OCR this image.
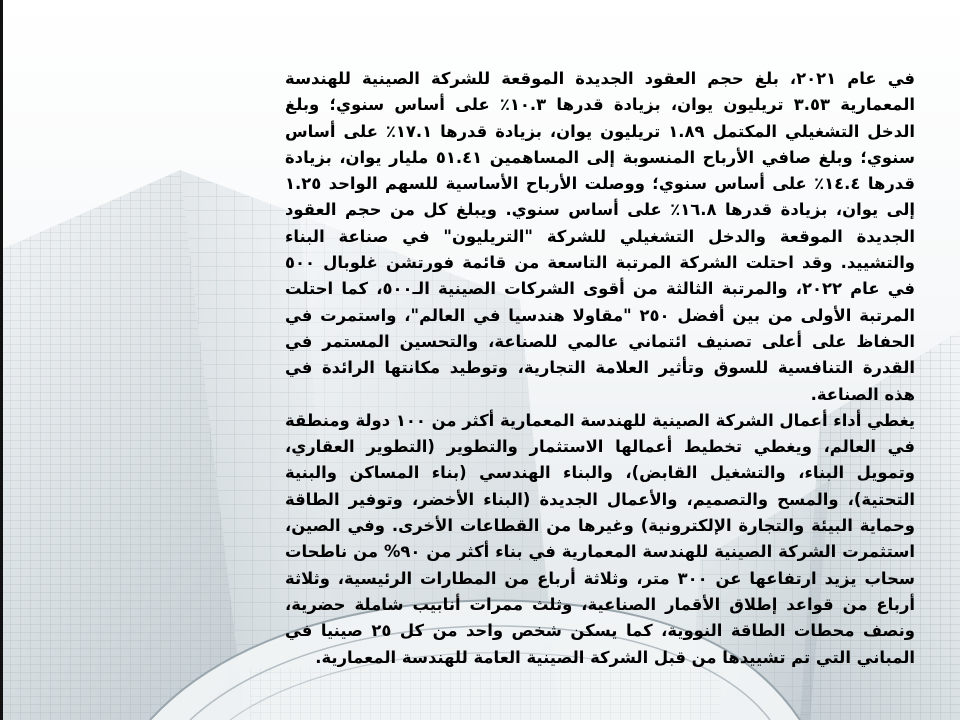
في عام ٢٠٢١، بلغ حجم العقود الجديدة الموقعة للشركة الصينية للهندسة المعمارية ٣.٥٣ تريليون يوان، بزيادة قدرها ١٠.٣٪ على أساس سنوي؛ وبلغ الدخل التشغيلي المكتمل ١.٨٩ تريليون يوان، بزيادة قدرها ١٧.١٪ على أساس سنوي؛ وبلغ صافي الأرباح المنسوبة إلى المساهمين ٥١.٤١ مليار يوان، بزيادة قدرها ١٤.٤٪ على أساس سنوي؛ ووصلت الأرباح الأساسية للسهم الواحد ١.٢٥ إلى يوان، بزيادة قدرها ١٦.٨٪ على أساس سنوي. ويبلغ كل من حجم العقود الجديدة الموقعة والدخل التشغيلي للشركة "التريليون" في صناعة البناء والتشييد. وقد احتلت الشركة المرتبة التاسعة من قائمة فورتشن غلوبال ٥٠٠ في عام ٢٠٢٢، والمرتبة الثالثة من أقوى الشركات الصينية الـ٥٠٠، كما احتلت المرتبة الأولى من بين أفضل ٢٥٠ "مقاولا هندسيا في العالم"، واستمرت في الحفاظ على أعلى تصنيف ائتماني عالمي للصناعة، والتحسين المستمر في القدرة التنافسية للسوق وتأثير العلامة التجارية، وتوطيد مكانتها الرائدة في هذه الصناعة.

يغطي أداء أعمال الشركة الصينية للهندسة المعمارية أكثر من ١٠٠ دولة ومنطقة في العالم، ويغطي تخطيط أعمالها الاستثمار والتطوير (التطوير العقاري، وتمويل البناء، والتشغيل القابض)، والبناء الهندسي (بناء المساكن والبنية التحتية)، والمسح والتصميم، والأعمال الجديدة (البناء الأخضر، وتوفير الطاقة وحماية البيئة والتجارة الإلكترونية) وغيرها من القطاعات الأخرى. وفي الصين، استثمرت الشركة الصينية للهندسة المعمارية في بناء أكثر من ٩٠% من ناطحات سحاب يزيد ارتفاعها عن ٣٠٠ متر، وثلاثة أرباع من المطارات الرئيسية، وثلاثة أرباع من قواعد إطلاق الأقمار الصناعية، وثلث ممرات أنابيب شاملة حضرية، ونصف محطات الطاقة النووية، كما يسكن شخص واحد من كل ٢٥ صينيا في المباني التي تم تشييدها من قبل الشركة الصينية العامة للهندسة المعمارية.
